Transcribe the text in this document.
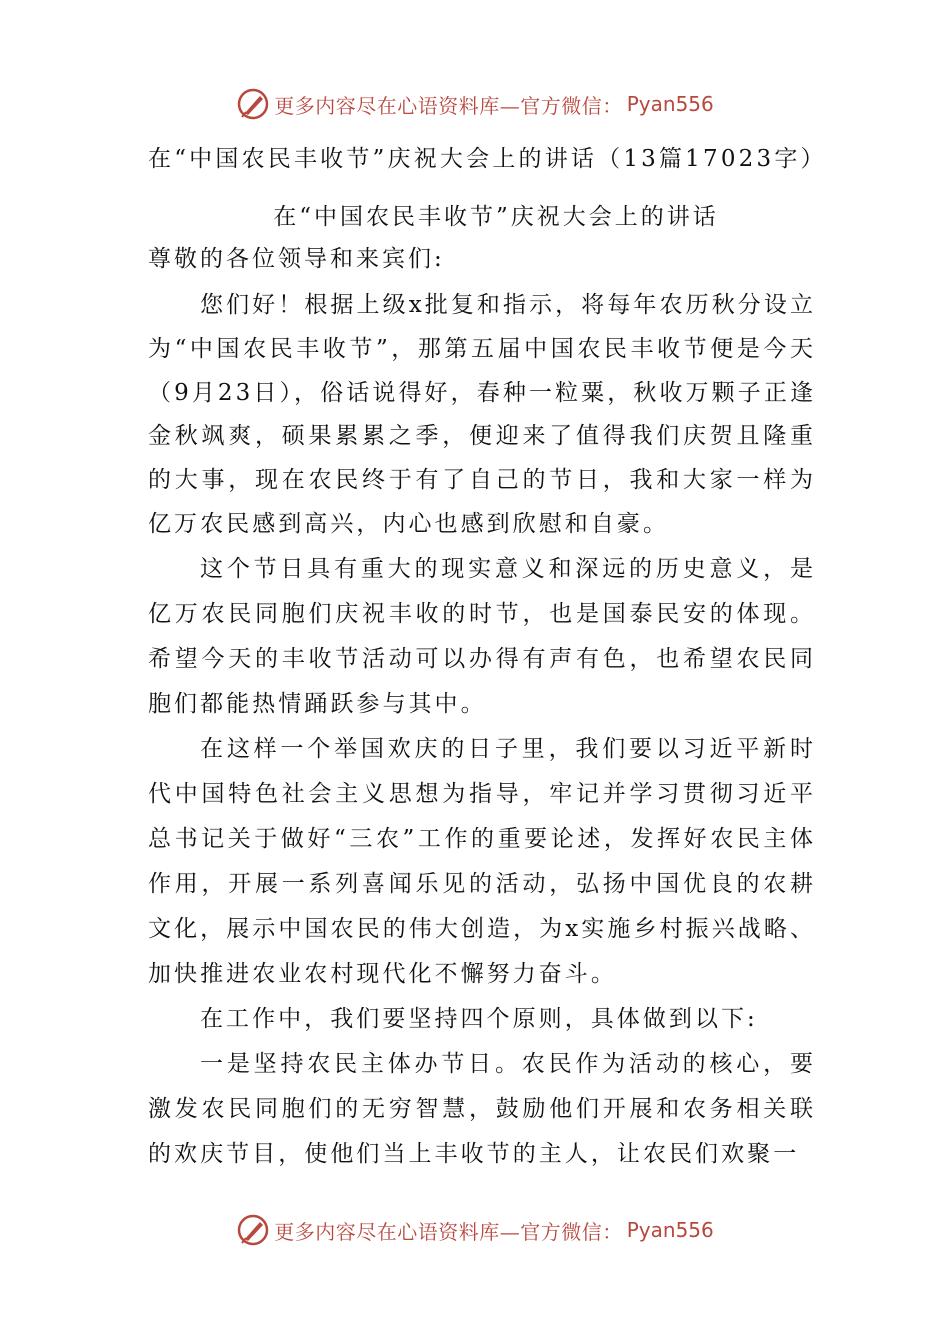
更多内容尽在心语资料库—官方微信： Pyan556

在“中国农民丰收节”庆祝大会上的讲话（13篇17023字）

在“中国农民丰收节”庆祝大会上的讲话

尊敬的各位领导和来宾们:

您们好！根据上级x批复和指示，将每年农历秋分设立为“中国农民丰收节”，那第五届中国农民丰收节便是今天（9月23日），俗话说得好，春种一粒粟，秋收万颗子正逢金秋飒爽，硕果累累之季，便迎来了值得我们庆贺且隆重的大事，现在农民终于有了自己的节日，我和大家一样为亿万农民感到高兴，内心也感到欣慰和自豪。

这个节日具有重大的现实意义和深远的历史意义，是亿万农民同胞们庆祝丰收的时节，也是国泰民安的体现。希望今天的丰收节活动可以办得有声有色，也希望农民同胞们都能热情踊跃参与其中。

在这样一个举国欢庆的日子里，我们要以习近平新时代中国特色社会主义思想为指导，牢记并学习贯彻习近平总书记关于做好“三农”工作的重要论述，发挥好农民主体作用，开展一系列喜闻乐见的活动，弘扬中国优良的农耕文化，展示中国农民的伟大创造，为x实施乡村振兴战略、加快推进农业农村现代化不懈努力奋斗。

在工作中，我们要坚持四个原则，具体做到以下:

一是坚持农民主体办节日。农民作为活动的核心，要激发农民同胞们的无穷智慧，鼓励他们开展和农务相关联的欢庆节目，使他们当上丰收节的主人，让农民们欢聚一

更多内容尽在心语资料库—官方微信： Pyan556
